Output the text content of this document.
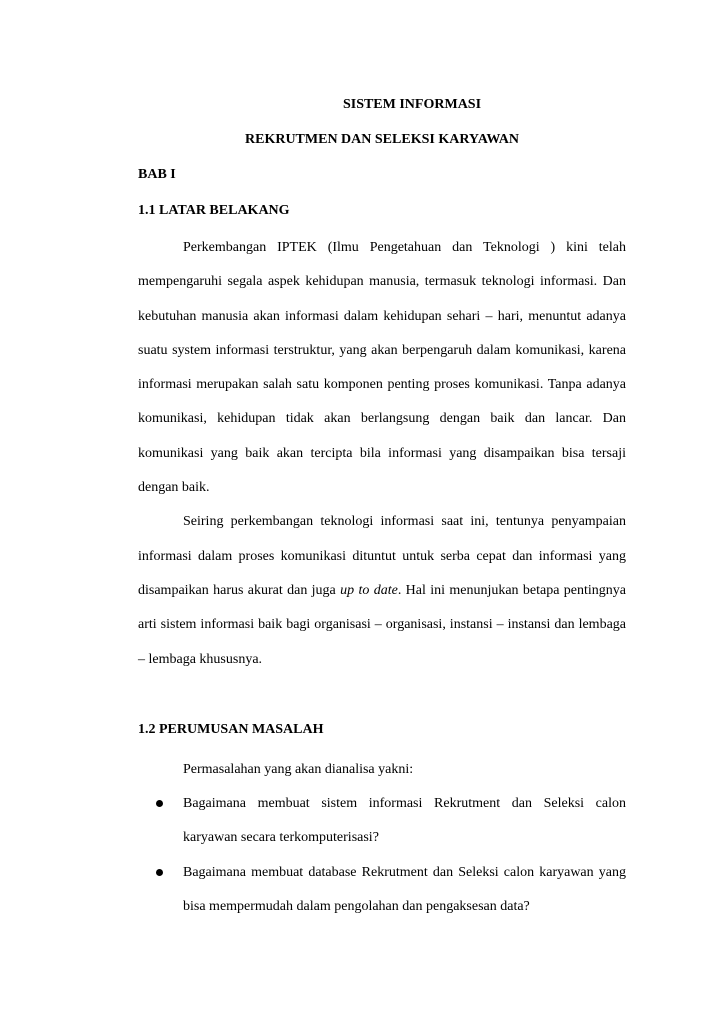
SISTEM INFORMASI

REKRUTMEN DAN SELEKSI KARYAWAN

BAB I

1.1 LATAR BELAKANG

Perkembangan IPTEK (Ilmu Pengetahuan dan Teknologi ) kini telah mempengaruhi segala aspek kehidupan manusia, termasuk teknologi informasi. Dan kebutuhan manusia akan informasi dalam kehidupan sehari – hari, menuntut adanya suatu system informasi terstruktur, yang akan berpengaruh dalam komunikasi, karena informasi merupakan salah satu komponen penting proses komunikasi. Tanpa adanya komunikasi, kehidupan tidak akan berlangsung dengan baik dan lancar. Dan komunikasi yang baik akan tercipta bila informasi yang disampaikan bisa tersaji dengan baik.

Seiring perkembangan teknologi informasi saat ini, tentunya penyampaian informasi dalam proses komunikasi dituntut untuk serba cepat dan informasi yang disampaikan harus akurat dan juga up to date. Hal ini menunjukan betapa pentingnya arti sistem informasi baik bagi organisasi – organisasi, instansi – instansi dan lembaga – lembaga khususnya.

1.2 PERUMUSAN MASALAH

Permasalahan yang akan dianalisa yakni:

Bagaimana membuat sistem informasi Rekrutment dan Seleksi calon karyawan secara terkomputerisasi?
Bagaimana membuat database Rekrutment dan Seleksi calon karyawan yang bisa mempermudah dalam pengolahan dan pengaksesan data?
